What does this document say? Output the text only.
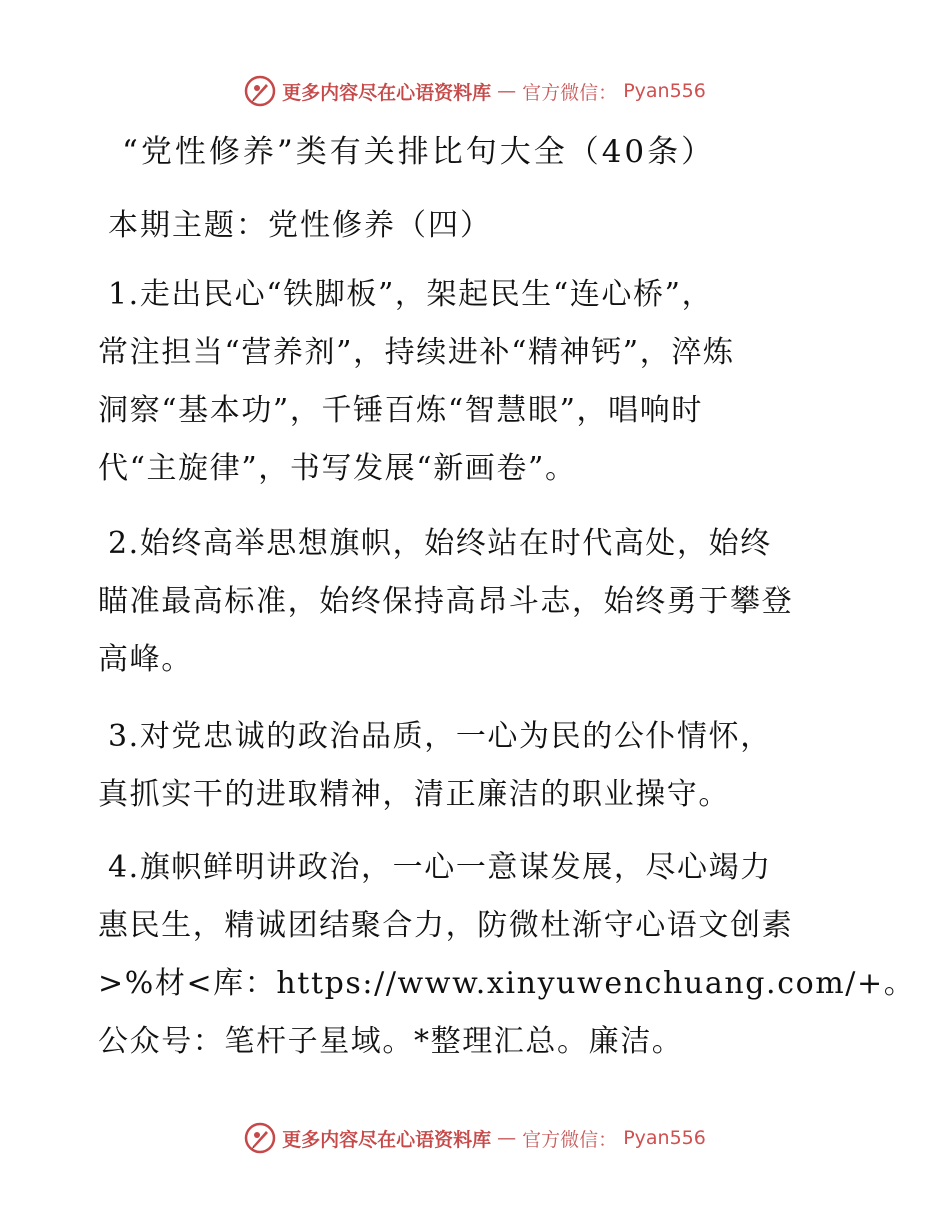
更多内容尽在心语资料库 — 官方微信： Pyan556
“党性修养”类有关排比句大全（40条）
本期主题：党性修养（四）

1.走出民心“铁脚板”，架起民生“连心桥”，
常注担当“营养剂”，持续进补“精神钙”，淬炼
洞察“基本功”，千锤百炼“智慧眼”，唱响时
代“主旋律”，书写发展“新画卷”。

2.始终高举思想旗帜，始终站在时代高处，始终
瞄准最高标准，始终保持高昂斗志，始终勇于攀登
高峰。

3.对党忠诚的政治品质，一心为民的公仆情怀，
真抓实干的进取精神，清正廉洁的职业操守。

4.旗帜鲜明讲政治，一心一意谋发展，尽心竭力
惠民生，精诚团结聚合力，防微杜渐守心语文创素
>%材<库：https://www.xinyuwenchuang.com/+。
公众号：笔杆子星域。*整理汇总。廉洁。

更多内容尽在心语资料库 — 官方微信： Pyan556
